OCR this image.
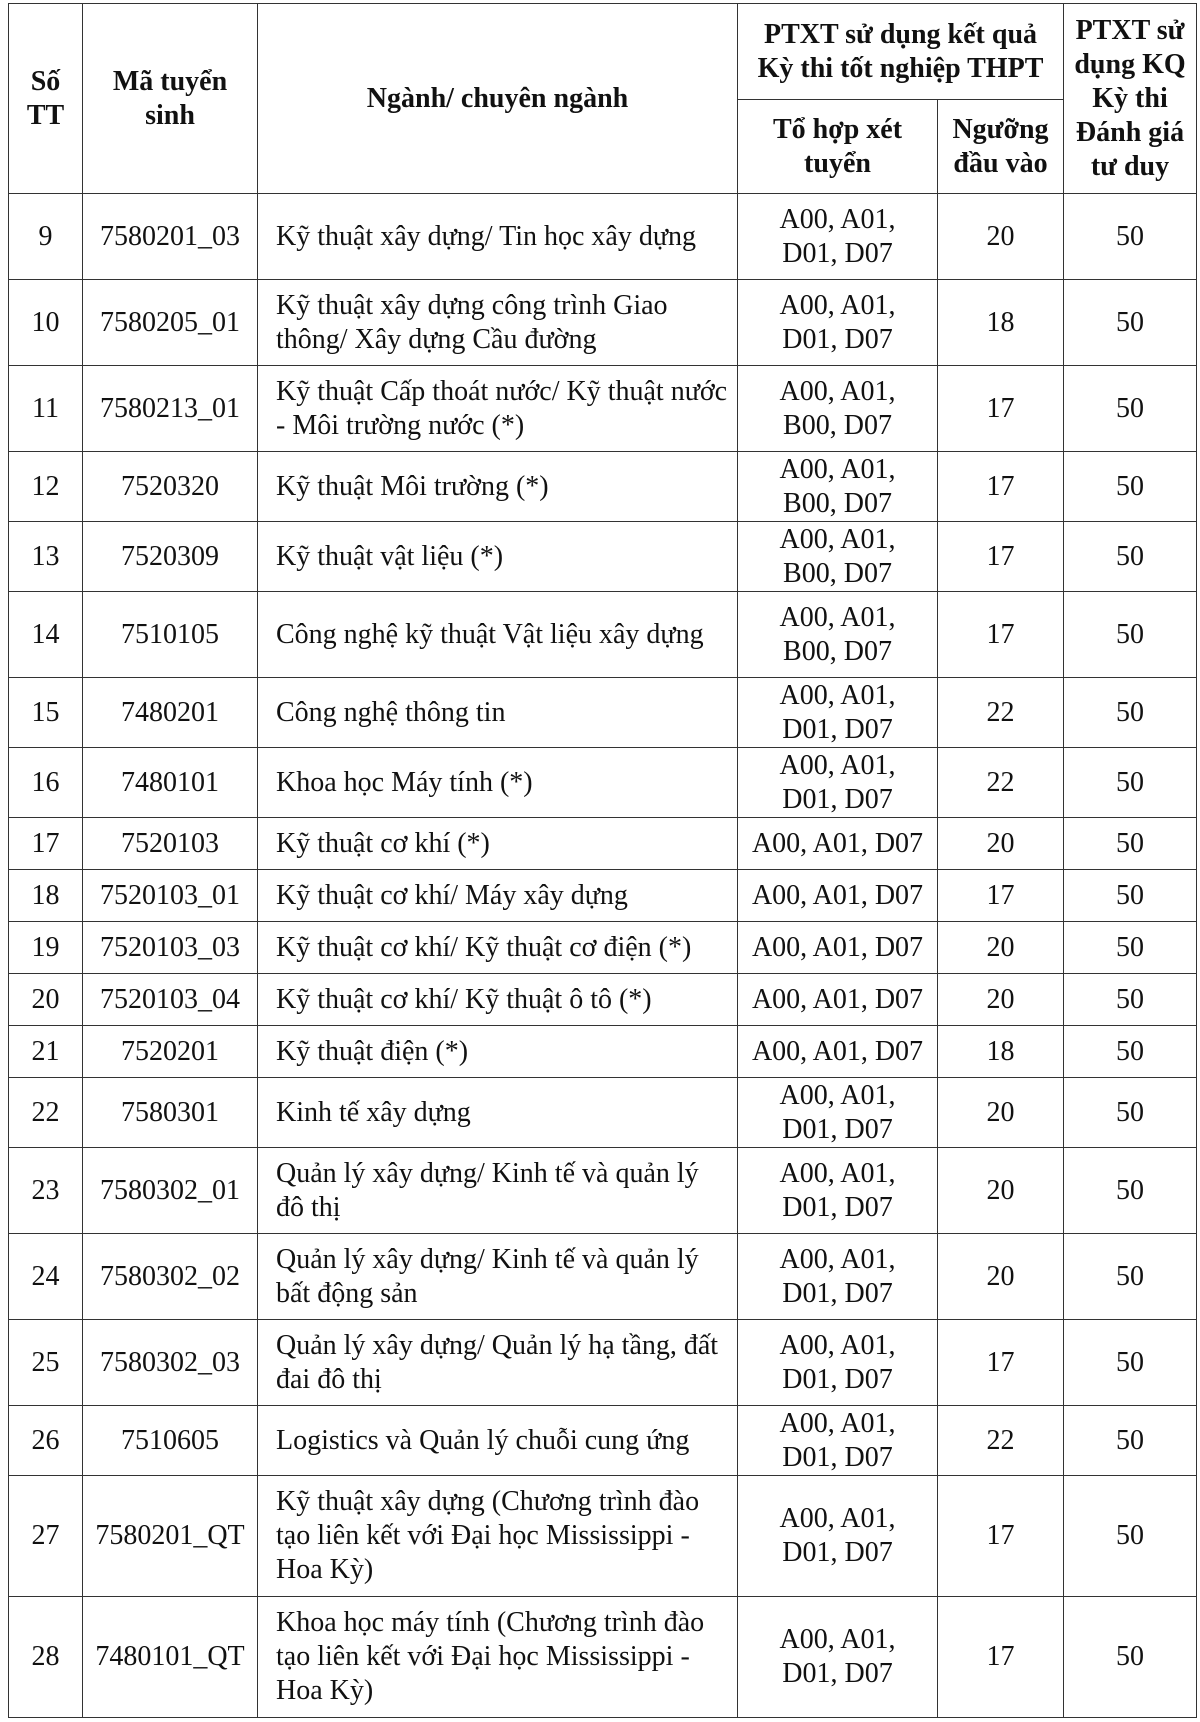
Số TT	Mã tuyển sinh	Ngành/ chuyên ngành	PTXT sử dụng kết quả Kỳ thi tốt nghiệp THPT		PTXT sử dụng KQ Kỳ thi Đánh giá tư duy
			Tổ hợp xét tuyển	Ngưỡng đầu vào	
9	7580201_03	Kỹ thuật xây dựng/ Tin học xây dựng	A00, A01, D01, D07	20	50
10	7580205_01	Kỹ thuật xây dựng công trình Giao thông/ Xây dựng Cầu đường	A00, A01, D01, D07	18	50
11	7580213_01	Kỹ thuật Cấp thoát nước/ Kỹ thuật nước - Môi trường nước (*)	A00, A01, B00, D07	17	50
12	7520320	Kỹ thuật Môi trường (*)	A00, A01, B00, D07	17	50
13	7520309	Kỹ thuật vật liệu (*)	A00, A01, B00, D07	17	50
14	7510105	Công nghệ kỹ thuật Vật liệu xây dựng	A00, A01, B00, D07	17	50
15	7480201	Công nghệ thông tin	A00, A01, D01, D07	22	50
16	7480101	Khoa học Máy tính (*)	A00, A01, D01, D07	22	50
17	7520103	Kỹ thuật cơ khí (*)	A00, A01, D07	20	50
18	7520103_01	Kỹ thuật cơ khí/ Máy xây dựng	A00, A01, D07	17	50
19	7520103_03	Kỹ thuật cơ khí/ Kỹ thuật cơ điện (*)	A00, A01, D07	20	50
20	7520103_04	Kỹ thuật cơ khí/ Kỹ thuật ô tô (*)	A00, A01, D07	20	50
21	7520201	Kỹ thuật điện (*)	A00, A01, D07	18	50
22	7580301	Kinh tế xây dựng	A00, A01, D01, D07	20	50
23	7580302_01	Quản lý xây dựng/ Kinh tế và quản lý đô thị	A00, A01, D01, D07	20	50
24	7580302_02	Quản lý xây dựng/ Kinh tế và quản lý bất động sản	A00, A01, D01, D07	20	50
25	7580302_03	Quản lý xây dựng/ Quản lý hạ tầng, đất đai đô thị	A00, A01, D01, D07	17	50
26	7510605	Logistics và Quản lý chuỗi cung ứng	A00, A01, D01, D07	22	50
27	7580201_QT	Kỹ thuật xây dựng (Chương trình đào tạo liên kết với Đại học Mississippi - Hoa Kỳ)	A00, A01, D01, D07	17	50
28	7480101_QT	Khoa học máy tính (Chương trình đào tạo liên kết với Đại học Mississippi - Hoa Kỳ)	A00, A01, D01, D07	17	50
